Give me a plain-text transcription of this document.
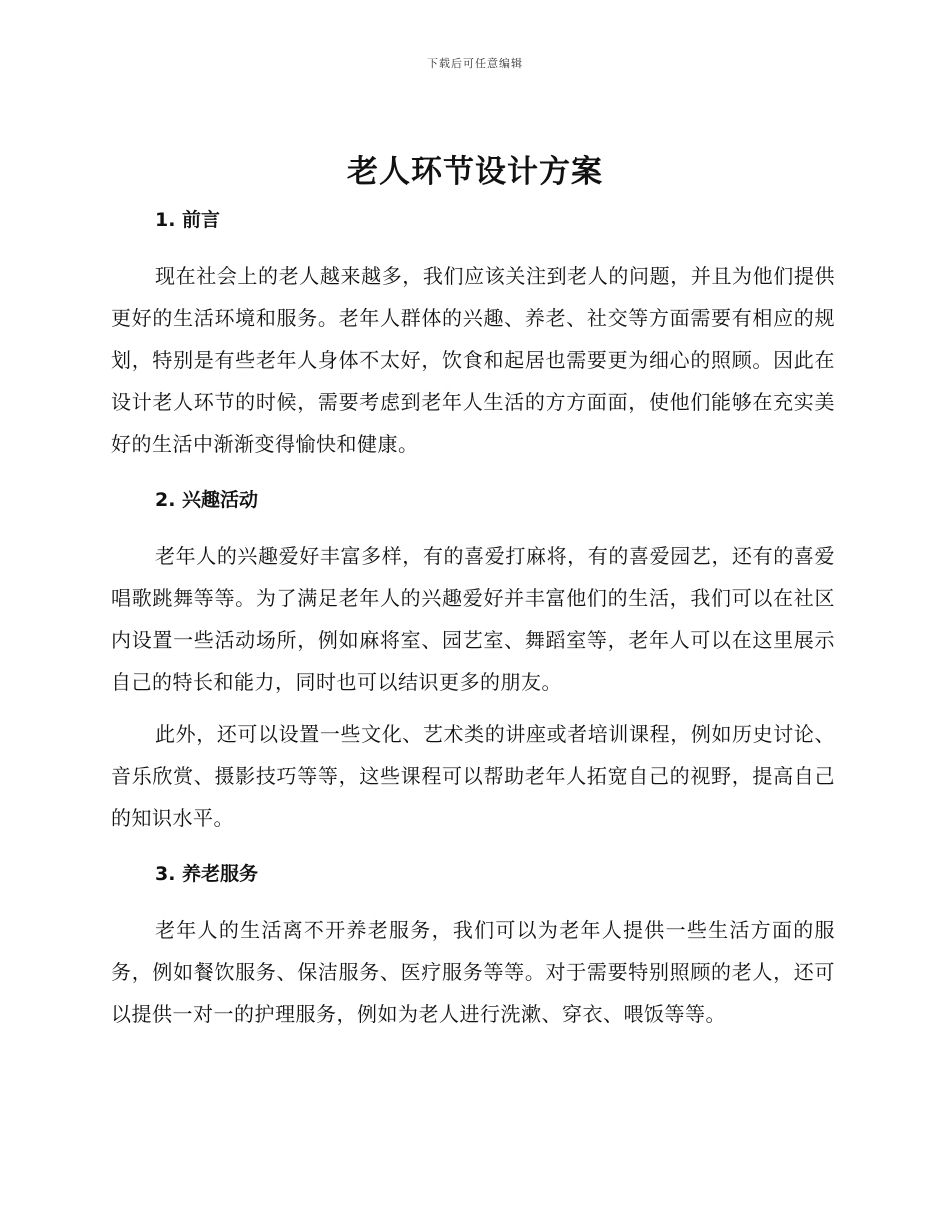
下载后可任意编辑
老人环节设计方案
1. 前言

现在社会上的老人越来越多，我们应该关注到老人的问题，并且为他们提供更好的生活环境和服务。老年人群体的兴趣、养老、社交等方面需要有相应的规划，特别是有些老年人身体不太好，饮食和起居也需要更为细心的照顾。因此在设计老人环节的时候，需要考虑到老年人生活的方方面面，使他们能够在充实美好的生活中渐渐变得愉快和健康。

2. 兴趣活动

老年人的兴趣爱好丰富多样，有的喜爱打麻将，有的喜爱园艺，还有的喜爱唱歌跳舞等等。为了满足老年人的兴趣爱好并丰富他们的生活，我们可以在社区内设置一些活动场所，例如麻将室、园艺室、舞蹈室等，老年人可以在这里展示自己的特长和能力，同时也可以结识更多的朋友。

此外，还可以设置一些文化、艺术类的讲座或者培训课程，例如历史讨论、音乐欣赏、摄影技巧等等，这些课程可以帮助老年人拓宽自己的视野，提高自己的知识水平。

3. 养老服务

老年人的生活离不开养老服务，我们可以为老年人提供一些生活方面的服务，例如餐饮服务、保洁服务、医疗服务等等。对于需要特别照顾的老人，还可以提供一对一的护理服务，例如为老人进行洗漱、穿衣、喂饭等等。
